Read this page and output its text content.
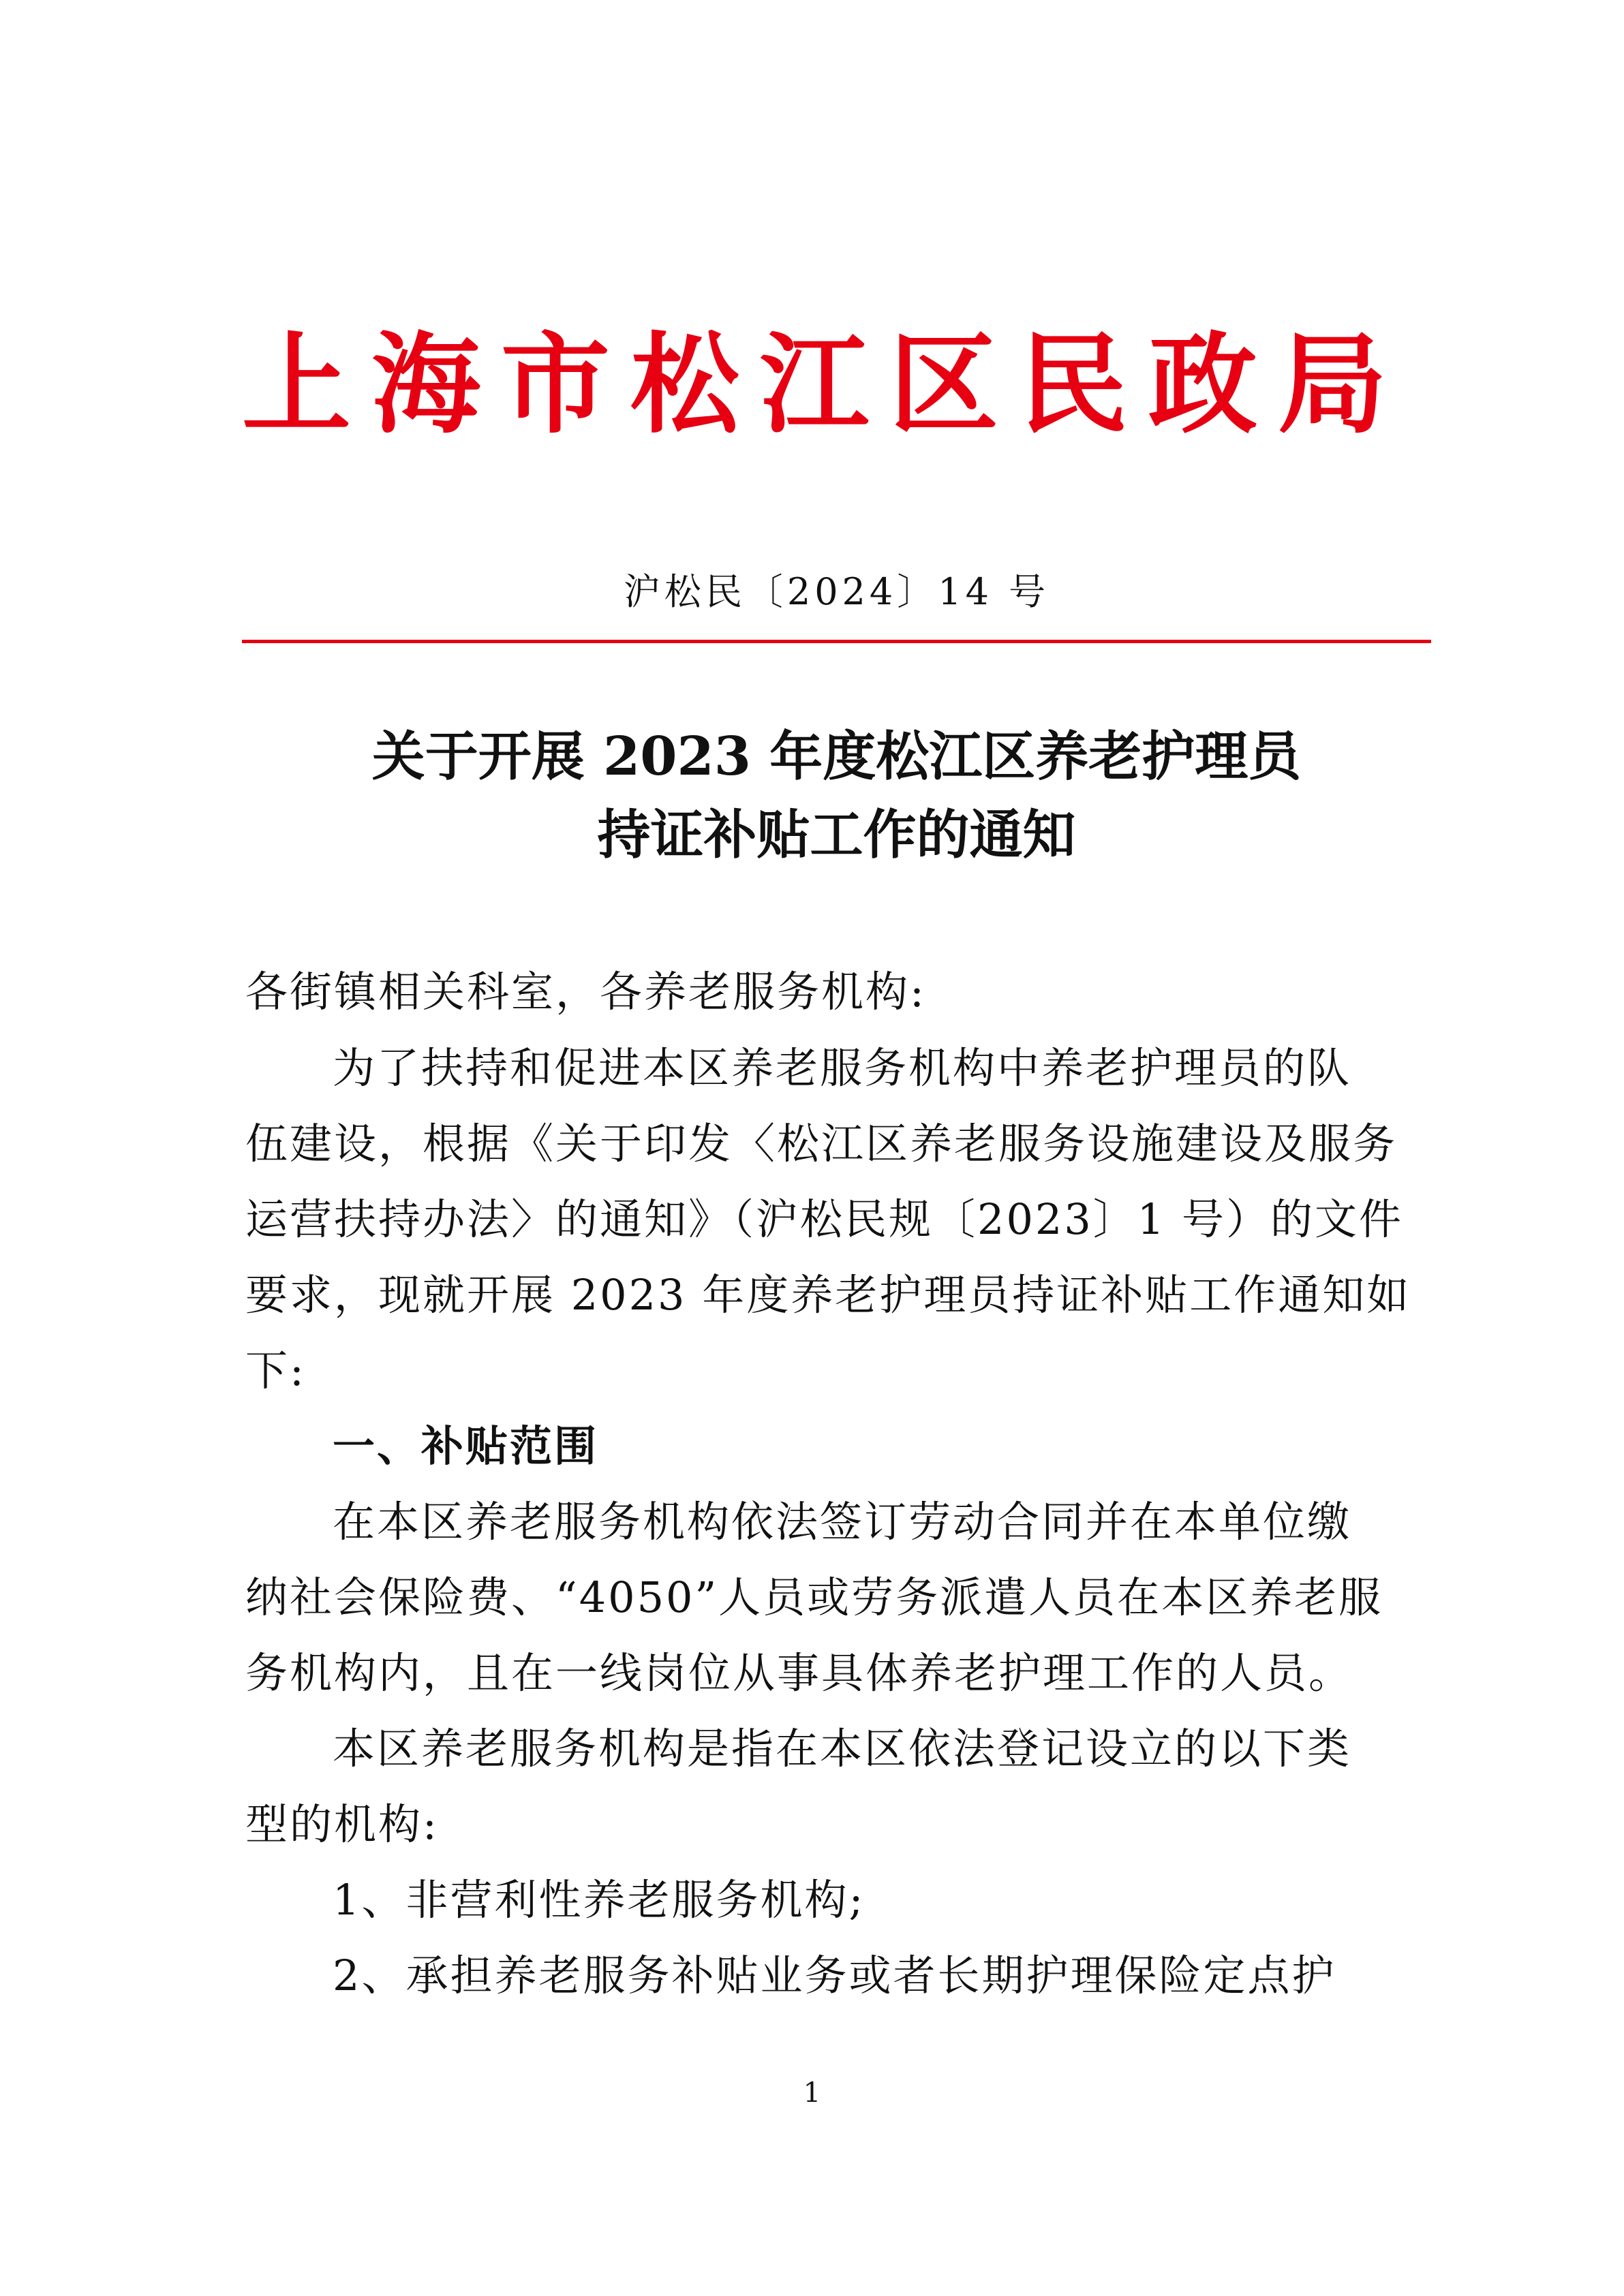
上 海 市 松 江 区 民 政 局
沪松民〔2024〕14 号
关于开展 2023 年度松江区养老护理员
持证补贴工作的通知
各街镇相关科室，各养老服务机构:
为了扶持和促进本区养老服务机构中养老护理员的队
伍建设，根据《关于印发〈松江区养老服务设施建设及服务
运营扶持办法〉的通知》（沪松民规〔2023〕1 号）的文件
要求，现就开展 2023 年度养老护理员持证补贴工作通知如
下:
一、补贴范围
在本区养老服务机构依法签订劳动合同并在本单位缴
纳社会保险费、“4050”人员或劳务派遣人员在本区养老服
务机构内，且在一线岗位从事具体养老护理工作的人员。
本区养老服务机构是指在本区依法登记设立的以下类
型的机构:
1、非营利性养老服务机构;
2、承担养老服务补贴业务或者长期护理保险定点护
1
